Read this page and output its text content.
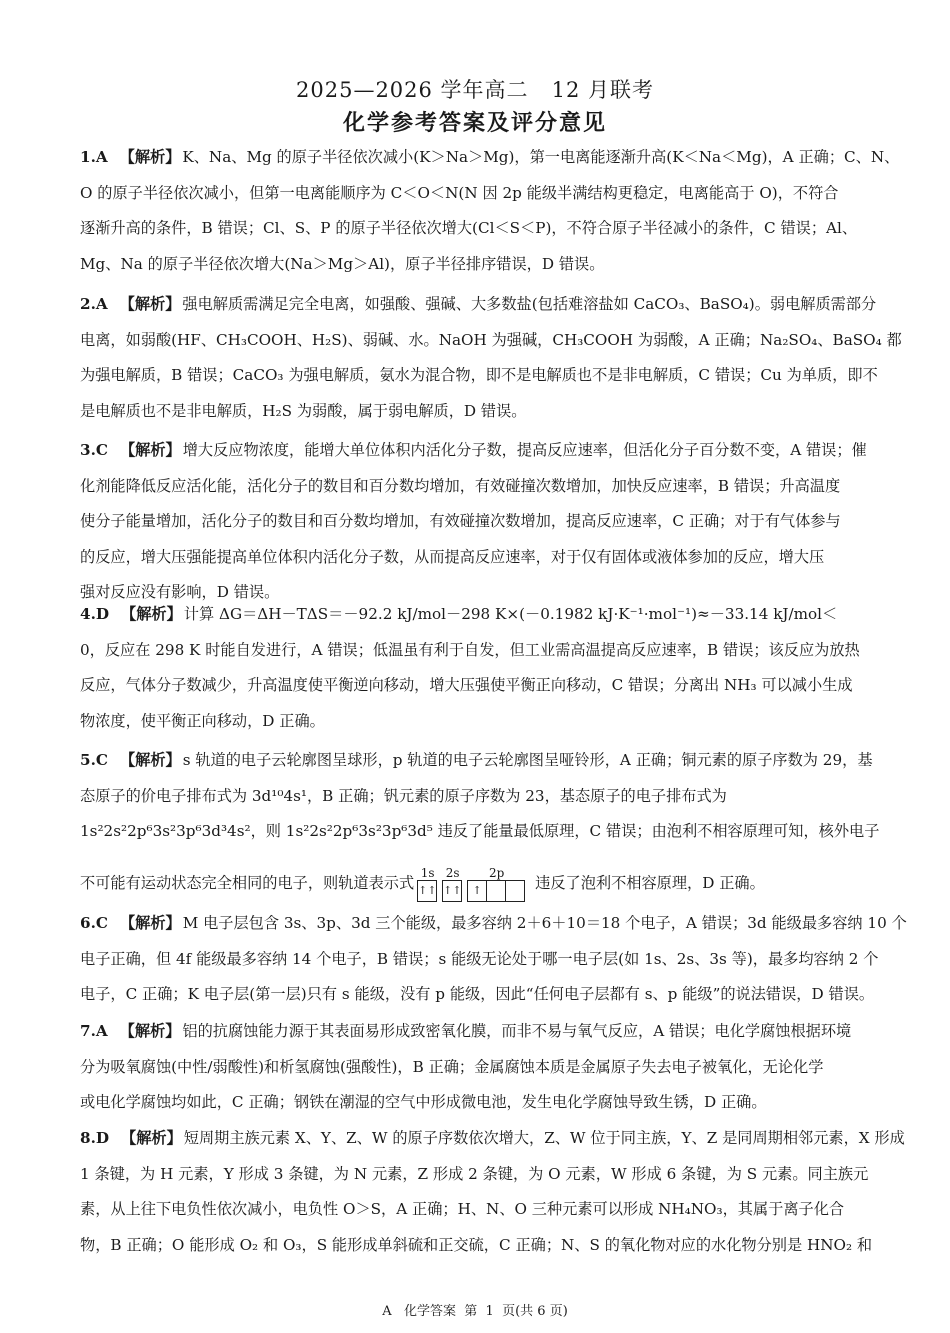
2025—2026 学年高二   12 月联考
化学参考答案及评分意见
1.A 【解析】 K、Na、Mg 的原子半径依次减小(K＞Na＞Mg)，第一电离能逐渐升高(K＜Na＜Mg)，A 正确；C、N、
O 的原子半径依次减小，但第一电离能顺序为 C＜O＜N(N 因 2p 能级半满结构更稳定，电离能高于 O)，不符合
逐渐升高的条件，B 错误；Cl、S、P 的原子半径依次增大(Cl＜S＜P)，不符合原子半径减小的条件，C 错误；Al、
Mg、Na 的原子半径依次增大(Na＞Mg＞Al)，原子半径排序错误，D 错误。
2.A 【解析】 强电解质需满足完全电离，如强酸、强碱、大多数盐(包括难溶盐如 CaCO₃、BaSO₄)。弱电解质需部分
电离，如弱酸(HF、CH₃COOH、H₂S)、弱碱、水。NaOH 为强碱，CH₃COOH 为弱酸，A 正确；Na₂SO₄、BaSO₄ 都
为强电解质，B 错误；CaCO₃ 为强电解质，氨水为混合物，即不是电解质也不是非电解质，C 错误；Cu 为单质，即不
是电解质也不是非电解质，H₂S 为弱酸，属于弱电解质，D 错误。
3.C 【解析】 增大反应物浓度，能增大单位体积内活化分子数，提高反应速率，但活化分子百分数不变，A 错误；催
化剂能降低反应活化能，活化分子的数目和百分数均增加，有效碰撞次数增加，加快反应速率，B 错误；升高温度
使分子能量增加，活化分子的数目和百分数均增加，有效碰撞次数增加，提高反应速率，C 正确；对于有气体参与
的反应，增大压强能提高单位体积内活化分子数，从而提高反应速率，对于仅有固体或液体参加的反应，增大压
强对反应没有影响，D 错误。
4.D 【解析】 计算 ΔG＝ΔH－TΔS＝－92.2 kJ/mol－298 K×(－0.1982 kJ·K⁻¹·mol⁻¹)≈－33.14 kJ/mol＜
0，反应在 298 K 时能自发进行，A 错误；低温虽有利于自发，但工业需高温提高反应速率，B 错误；该反应为放热
反应，气体分子数减少，升高温度使平衡逆向移动，增大压强使平衡正向移动，C 错误；分离出 NH₃ 可以减小生成
物浓度，使平衡正向移动，D 正确。
5.C 【解析】 s 轨道的电子云轮廓图呈球形，p 轨道的电子云轮廓图呈哑铃形，A 正确；铜元素的原子序数为 29，基
态原子的价电子排布式为 3d¹⁰4s¹，B 正确；钒元素的原子序数为 23，基态原子的电子排布式为
1s²2s²2p⁶3s²3p⁶3d³4s²，则 1s²2s²2p⁶3s²3p⁶3d⁵ 违反了能量最低原理，C 错误；由泡利不相容原理可知，核外电子
不可能有运动状态完全相同的电子，则轨道表示式
1s
↑↑
2s
↑↑
2p
↑	违反了泡利不相容原理，D 正确。
6.C 【解析】 M 电子层包含 3s、3p、3d 三个能级，最多容纳 2＋6＋10＝18 个电子，A 错误；3d 能级最多容纳 10 个
电子正确，但 4f 能级最多容纳 14 个电子，B 错误；s 能级无论处于哪一电子层(如 1s、2s、3s 等)，最多均容纳 2 个
电子，C 正确；K 电子层(第一层)只有 s 能级，没有 p 能级，因此“任何电子层都有 s、p 能级”的说法错误，D 错误。
7.A 【解析】 铝的抗腐蚀能力源于其表面易形成致密氧化膜，而非不易与氧气反应，A 错误；电化学腐蚀根据环境
分为吸氧腐蚀(中性/弱酸性)和析氢腐蚀(强酸性)，B 正确；金属腐蚀本质是金属原子失去电子被氧化，无论化学
或电化学腐蚀均如此，C 正确；钢铁在潮湿的空气中形成微电池，发生电化学腐蚀导致生锈，D 正确。
8.D 【解析】 短周期主族元素 X、Y、Z、W 的原子序数依次增大，Z、W 位于同主族，Y、Z 是同周期相邻元素，X 形成
1 条键，为 H 元素，Y 形成 3 条键，为 N 元素，Z 形成 2 条键，为 O 元素，W 形成 6 条键，为 S 元素。同主族元
素，从上往下电负性依次减小，电负性 O＞S，A 正确；H、N、O 三种元素可以形成 NH₄NO₃，其属于离子化合
物，B 正确；O 能形成 O₂ 和 O₃，S 能形成单斜硫和正交硫，C 正确；N、S 的氧化物对应的水化物分别是 HNO₂ 和
A   化学答案  第  1  页(共 6 页)
